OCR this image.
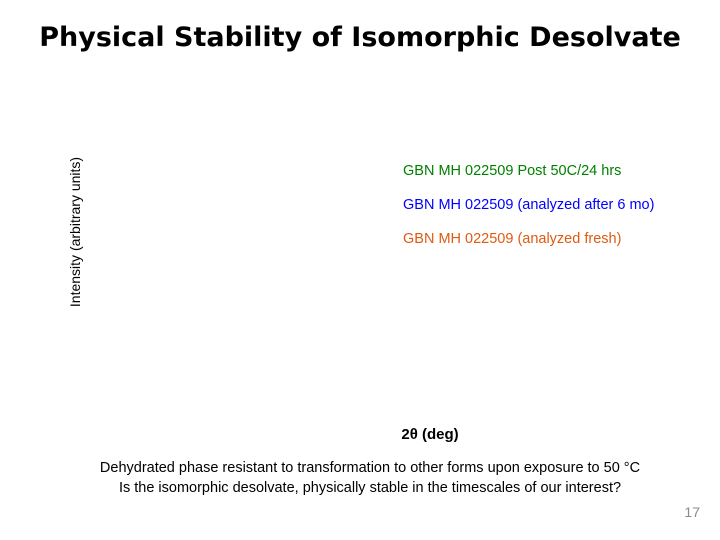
Physical Stability of Isomorphic Desolvate
Intensity (arbitrary units)	GBN MH 022509 Post 50C/24 hrs
GBN MH 022509 (analyzed after 6 mo)
GBN MH 022509 (analyzed fresh)
2θ (deg)
Dehydrated phase resistant to transformation to other forms upon exposure to 50 °C
Is the isomorphic desolvate, physically stable in the timescales of our interest?
17
